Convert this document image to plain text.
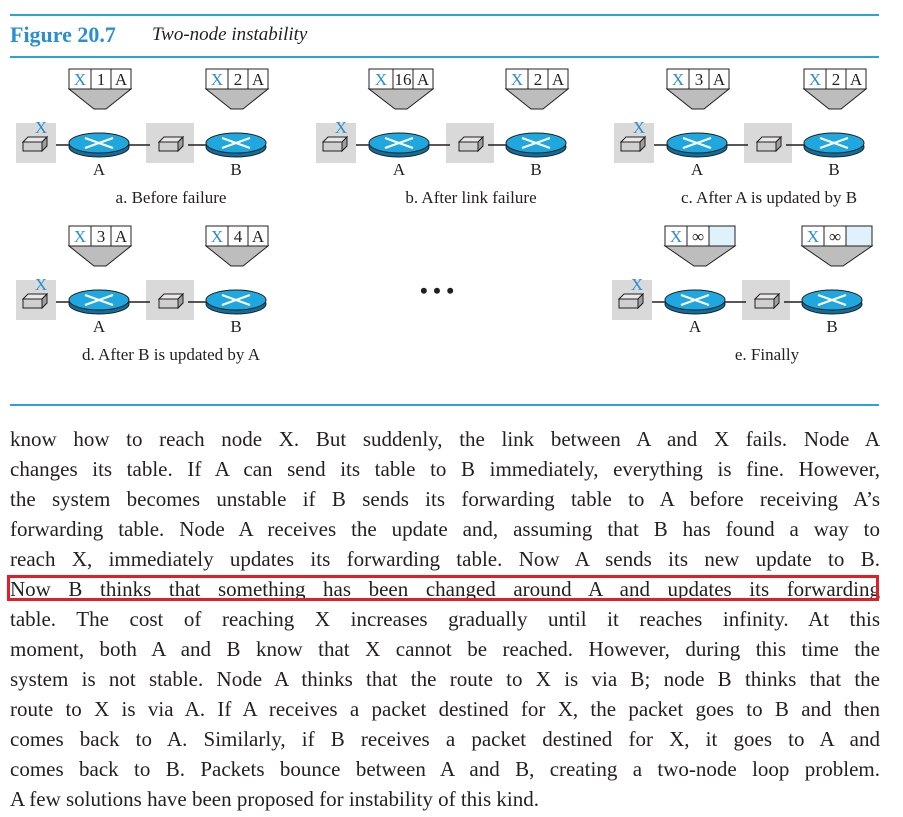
Figure 20.7 Two-node instability
X
X 1 A	X 2 A
A	B
a. Before failure
X
X 16 A	X 2 A
A	B
b. After link failure
X
X 3 A	X 2 A
A	B
c. After A is updated by B
X
X 3 A	X 4 A
A	B
d. After B is updated by A
X
X ∞	X ∞
A	B
e. Finally
• • •

know how to reach node X. But suddenly, the link between A and X fails. Node A
changes its table. If A can send its table to B immediately, everything is fine. However,
the system becomes unstable if B sends its forwarding table to A before receiving A’s
forwarding table. Node A receives the update and, assuming that B has found a way to
reach X, immediately updates its forwarding table. Now A sends its new update to B.
Now B thinks that something has been changed around A and updates its forwarding
table. The cost of reaching X increases gradually until it reaches infinity. At this
moment, both A and B know that X cannot be reached. However, during this time the
system is not stable. Node A thinks that the route to X is via B; node B thinks that the
route to X is via A. If A receives a packet destined for X, the packet goes to B and then
comes back to A. Similarly, if B receives a packet destined for X, it goes to A and
comes back to B. Packets bounce between A and B, creating a two-node loop problem.
A few solutions have been proposed for instability of this kind.
